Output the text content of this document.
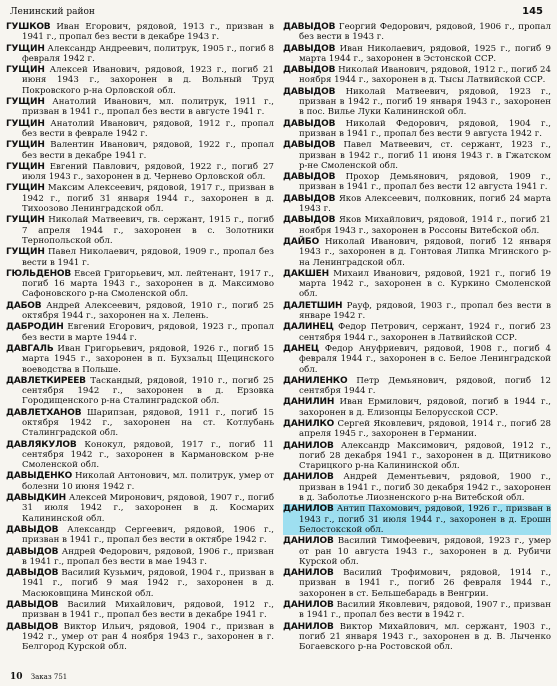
Ленинский район	145
ГУШКОВ Иван Егорович, рядовой, 1913 г., призван в 1941 г., пропал без вести в декабре 1943 г.
ГУЩИН Александр Андреевич, политрук, 1905 г., погиб 8 февраля 1942 г.
ГУЩИН Алексей Иванович, рядовой, 1923 г., погиб 21 июня 1943 г., захоронен в д. Вольный Труд Покровского р-на Орловской обл.
ГУЩИН Анатолий Иванович, мл. политрук, 1911 г., призван в 1941 г., пропал без вести в августе 1941 г.
ГУЩИН Анатолий Иванович, рядовой, 1912 г., пропал без вести в феврале 1942 г.
ГУЩИН Валентин Иванович, рядовой, 1922 г., пропал без вести в декабре 1941 г.
ГУЩИН Евгений Павлович, рядовой, 1922 г., погиб 27 июля 1943 г., захоронен в д. Чернево Орловской обл.
ГУЩИН Максим Алексеевич, рядовой, 1917 г., призван в 1942 г., погиб 31 января 1944 г., захоронен в д. Тихоозово Ленинградской обл.
ГУЩИН Николай Матвеевич, гв. сержант, 1915 г., погиб 7 апреля 1944 г., захоронен в с. Золотники Тернопольской обл.
ГУЩИН Павел Николаевич, рядовой, 1909 г., пропал без вести в 1941 г.
ГЮЛЬДЕНОВ Евсей Григорьевич, мл. лейтенант, 1917 г., погиб 16 марта 1943 г., захоронен в д. Максимово Сафоновского р-на Смоленской обл.
ДАБОВ Андрей Алексеевич, рядовой, 1910 г., погиб 25 октября 1944 г., захоронен на х. Лелень.
ДАБРОДИН Евгений Егорович, рядовой, 1923 г., пропал без вести в марте 1944 г.
ДАВГАЛЬ Иван Григорьевич, рядовой, 1926 г., погиб 15 марта 1945 г., захоронен в п. Бухзальц Щецинского воеводства в Польше.
ДАВЛЕТКИРЕЕВ Таскандый, рядовой, 1910 г., погиб 25 сентября 1942 г., захоронен в д. Ерзовка Городищенского р-на Сталинградской обл.
ДАВЛЕТХАНОВ Шарипзан, рядовой, 1911 г., погиб 15 октября 1942 г., захоронен на ст. Котлубань Сталинградской обл.
ДАВЛЯКУЛОВ Конокул, рядовой, 1917 г., погиб 11 сентября 1942 г., захоронен в Кармановском р-не Смоленской обл.
ДАВЫДЕНКО Николай Антонович, мл. политрук, умер от болезни 10 июня 1942 г.
ДАВЫДКИН Алексей Миронович, рядовой, 1907 г., погиб 31 июля 1942 г., захоронен в д. Космарих Калининской обл.
ДАВЫДОВ Александр Сергеевич, рядовой, 1906 г., призван в 1941 г., пропал без вести в октябре 1942 г.
ДАВЫДОВ Андрей Федорович, рядовой, 1906 г., призван в 1941 г., пропал без вести в мае 1943 г.
ДАВЫДОВ Василий Кузьмич, рядовой, 1904 г., призван в 1941 г., погиб 9 мая 1942 г., захоронен в д. Масюковщина Минской обл.
ДАВЫДОВ Василий Михайлович, рядовой, 1912 г., призван в 1941 г., пропал без вести в декабре 1941 г.
ДАВЫДОВ Виктор Ильич, рядовой, 1904 г., призван в 1942 г., умер от ран 4 ноября 1943 г., захоронен в г. Белгород Курской обл.
ДАВЫДОВ Георгий Федорович, рядовой, 1906 г., пропал без вести в 1943 г.
ДАВЫДОВ Иван Николаевич, рядовой, 1925 г., погиб 9 марта 1944 г., захоронен в Эстонской ССР.
ДАВЫДОВ Николай Иванович, рядовой, 1912 г., погиб 24 ноября 1944 г., захоронен в д. Тысы Латвийской ССР.
ДАВЫДОВ Николай Матвеевич, рядовой, 1923 г., призван в 1942 г., погиб 19 января 1943 г., захоронен в пос. Вилье Луки Калининской обл.
ДАВЫДОВ Николай Федорович, рядовой, 1904 г., призван в 1941 г., пропал без вести 9 августа 1942 г.
ДАВЫДОВ Павел Матвеевич, ст. сержант, 1923 г., призван в 1942 г., погиб 11 июня 1943 г. в Гжатском р-не Смоленской обл.
ДАВЫДОВ Прохор Демьянович, рядовой, 1909 г., призван в 1941 г., пропал без вести 12 августа 1941 г.
ДАВЫДОВ Яков Алексеевич, полковник, погиб 24 марта 1943 г.
ДАВЫДОВ Яков Михайлович, рядовой, 1914 г., погиб 21 ноября 1943 г., захоронен в Россоны Витебской обл.
ДАЙБО Николай Иванович, рядовой, погиб 12 января 1943 г., захоронен в д. Гонтовая Липка Мгинского р-на Ленинградской обл.
ДАКШЕН Михаил Иванович, рядовой, 1921 г., погиб 19 марта 1942 г., захоронен в с. Куркино Смоленской обл.
ДАЛЕТШИН Рауф, рядовой, 1903 г., пропал без вести в январе 1942 г.
ДАЛИНЕЦ Федор Петрович, сержант, 1924 г., погиб 23 сентября 1944 г., захоронен в Латвийской ССР.
ДАНЕЦ Федор Ануфриевич, рядовой, 1908 г., погиб 4 февраля 1944 г., захоронен в с. Белое Ленинградской обл.
ДАНИЛЕНКО Петр Демьянович, рядовой, погиб 12 сентября 1944 г.
ДАНИЛИН Иван Ермилович, рядовой, погиб в 1944 г., захоронен в д. Елизонцы Белорусской ССР.
ДАНИЛКО Сергей Яковлевич, рядовой, 1914 г., погиб 28 апреля 1945 г., захоронен в Германии.
ДАНИЛОВ Александр Максимович, рядовой, 1912 г., погиб 28 декабря 1941 г., захоронен в д. Щитниково Старицкого р-на Калининской обл.
ДАНИЛОВ Андрей Дементьевич, рядовой, 1900 г., призван в 1941 г., погиб 30 декабря 1942 г., захоронен в д. Заболотье Лиозненского р-на Витебской обл.
ДАНИЛОВ Антип Пахомович, рядовой, 1926 г., призван в 1943 г., погиб 31 июля 1944 г., захоронен в д. Ерошн Белостокской обл.
ДАНИЛОВ Василий Тимофеевич, рядовой, 1923 г., умер от ран 10 августа 1943 г., захоронен в д. Рубичи Курской обл.
ДАНИЛОВ Василий Трофимович, рядовой, 1914 г., призван в 1941 г., погиб 26 февраля 1944 г., захоронен в ст. Бельшебарадь в Венгрии.
ДАНИЛОВ Василий Яковлевич, рядовой, 1907 г., призван в 1941 г., пропал без вести в 1942 г.
ДАНИЛОВ Виктор Михайлович, мл. сержант, 1903 г., погиб 21 января 1943 г., захоронен в д. В. Лыченко Богаевского р-на Ростовской обл.
10 Заказ 751
